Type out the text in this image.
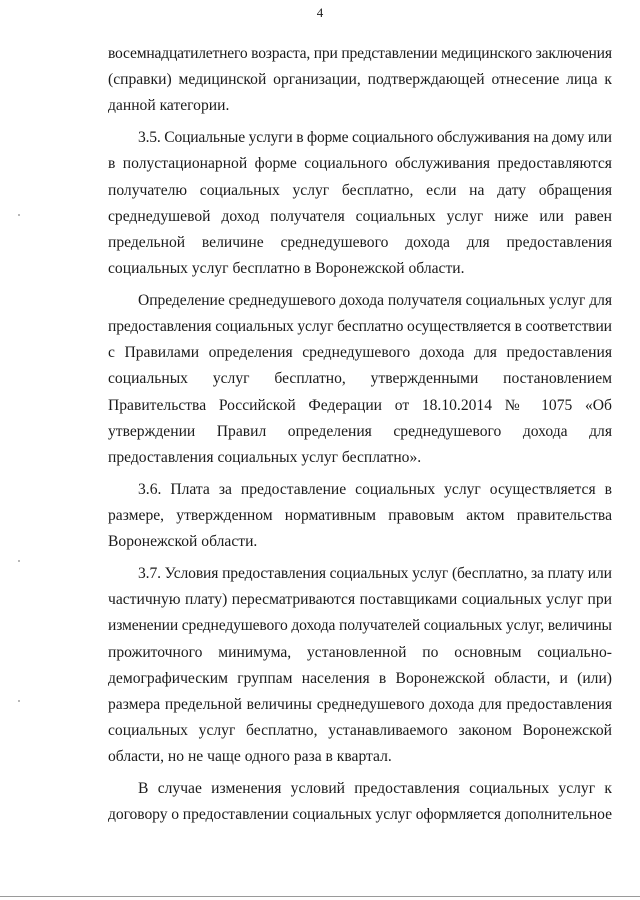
4
восемнадцатилетнего возраста, при представлении медицинского заключения
(справки) медицинской организации, подтверждающей отнесение лица к
данной категории.
3.5. Социальные услуги в форме социального обслуживания на дому или
в полустационарной форме социального обслуживания предоставляются
получателю социальных услуг бесплатно, если на дату обращения
среднедушевой доход получателя социальных услуг ниже или равен
предельной величине среднедушевого дохода для предоставления
социальных услуг бесплатно в Воронежской области.
Определение среднедушевого дохода получателя социальных услуг для
предоставления социальных услуг бесплатно осуществляется в соответствии
с Правилами определения среднедушевого дохода для предоставления
социальных услуг бесплатно, утвержденными постановлением
Правительства Российской Федерации от 18.10.2014 № 1075 «Об
утверждении Правил определения среднедушевого дохода для
предоставления социальных услуг бесплатно».
3.6. Плата за предоставление социальных услуг осуществляется в
размере, утвержденном нормативным правовым актом правительства
Воронежской области.
3.7. Условия предоставления социальных услуг (бесплатно, за плату или
частичную плату) пересматриваются поставщиками социальных услуг при
изменении среднедушевого дохода получателей социальных услуг, величины
прожиточного минимума, установленной по основным социально-
демографическим группам населения в Воронежской области, и (или)
размера предельной величины среднедушевого дохода для предоставления
социальных услуг бесплатно, устанавливаемого законом Воронежской
области, но не чаще одного раза в квартал.
В случае изменения условий предоставления социальных услуг к
договору о предоставлении социальных услуг оформляется дополнительное
